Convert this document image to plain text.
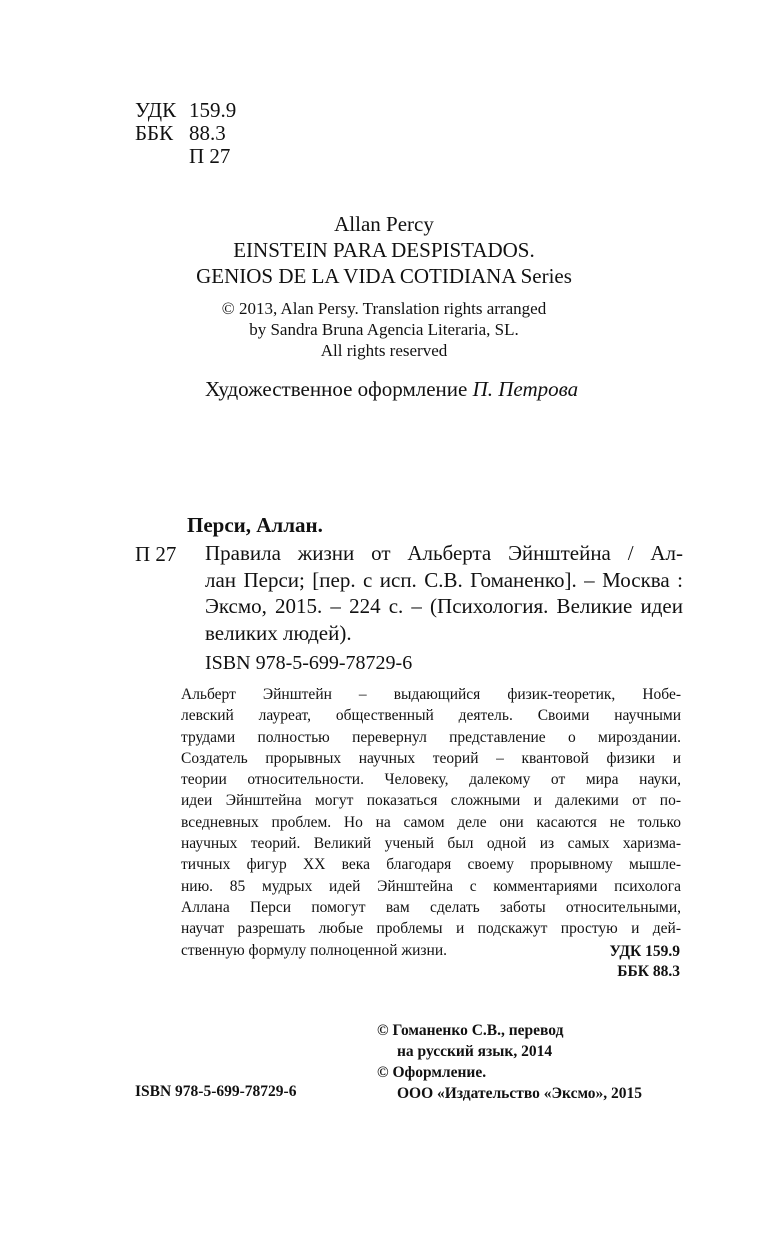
УДК 159.9
ББК 88.3
П 27

Allan Percy

EINSTEIN PARA DESPISTADOS.

GENIOS DE LA VIDA COTIDIANA Series

© 2013, Alan Persy. Translation rights arranged

by Sandra Bruna Agencia Literaria, SL.

All rights reserved

Художественное оформление П. Петрова
Перси, Аллан.
П 27 Правила жизни от Альберта Эйнштейна / Ал-
лан Перси; [пер. с исп. С.В. Гоманенко]. – Москва :
Эксмо, 2015. – 224 с. – (Психология. Великие идеи
великих людей).
ISBN 978-5-699-78729-6
Альберт Эйнштейн – выдающийся физик-теоретик, Нобе-
левский лауреат, общественный деятель. Своими научными
трудами полностью перевернул представление о мироздании.
Создатель прорывных научных теорий – квантовой физики и
теории относительности. Человеку, далекому от мира науки,
идеи Эйнштейна могут показаться сложными и далекими от по-
вседневных проблем. Но на самом деле они касаются не только
научных теорий. Великий ученый был одной из самых харизма-
тичных фигур ХХ века благодаря своему прорывному мышле-
нию. 85 мудрых идей Эйнштейна с комментариями психолога
Аллана Перси помогут вам сделать заботы относительными,
научат разрешать любые проблемы и подскажут простую и дей-
ственную формулу полноценной жизни.	УДК 159.9
ББК 88.3
© Гоманенко С.В., перевод
на русский язык, 2014
© Оформление.
ISBN 978-5-699-78729-6	ООО «Издательство «Эксмо», 2015
